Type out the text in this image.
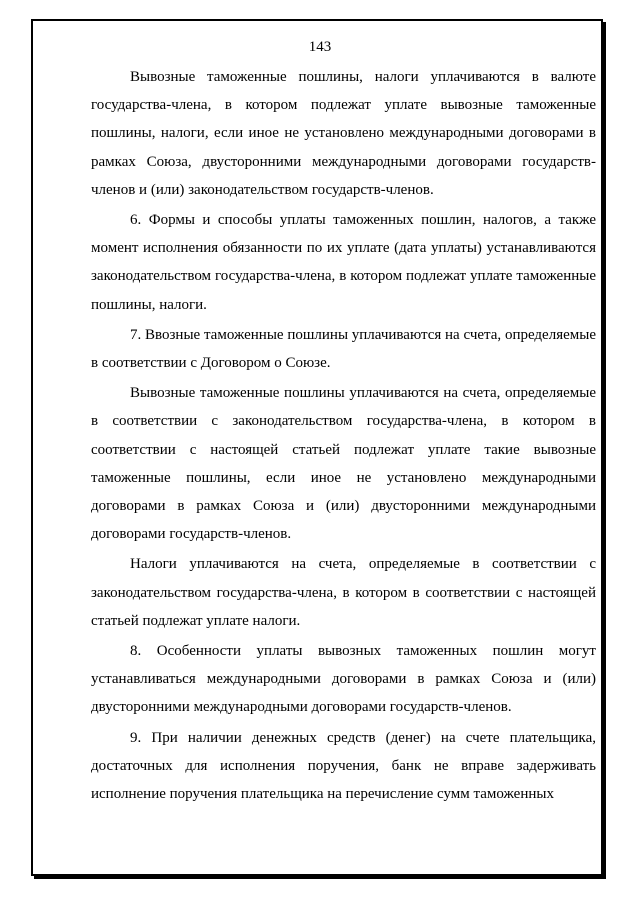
143

Вывозные таможенные пошлины, налоги уплачиваются в валюте государства-члена, в котором подлежат уплате вывозные таможенные пошлины, налоги, если иное не установлено международными договорами в рамках Союза, двусторонними международными договорами государств-членов и (или) законодательством государств-членов.

6. Формы и способы уплаты таможенных пошлин, налогов, а также момент исполнения обязанности по их уплате (дата уплаты) устанавливаются законодательством государства-члена, в котором подлежат уплате таможенные пошлины, налоги.

7. Ввозные таможенные пошлины уплачиваются на счета, определяемые в соответствии с Договором о Союзе.

Вывозные таможенные пошлины уплачиваются на счета, определяемые в соответствии с законодательством государства-члена, в котором в соответствии с настоящей статьей подлежат уплате такие вывозные таможенные пошлины, если иное не установлено международными договорами в рамках Союза и (или) двусторонними международными договорами государств-членов.

Налоги уплачиваются на счета, определяемые в соответствии с законодательством государства-члена, в котором в соответствии с настоящей статьей подлежат уплате налоги.

8. Особенности уплаты вывозных таможенных пошлин могут устанавливаться международными договорами в рамках Союза и (или) двусторонними международными договорами государств-членов.

9. При наличии денежных средств (денег) на счете плательщика, достаточных для исполнения поручения, банк не вправе задерживать исполнение поручения плательщика на перечисление сумм таможенных
